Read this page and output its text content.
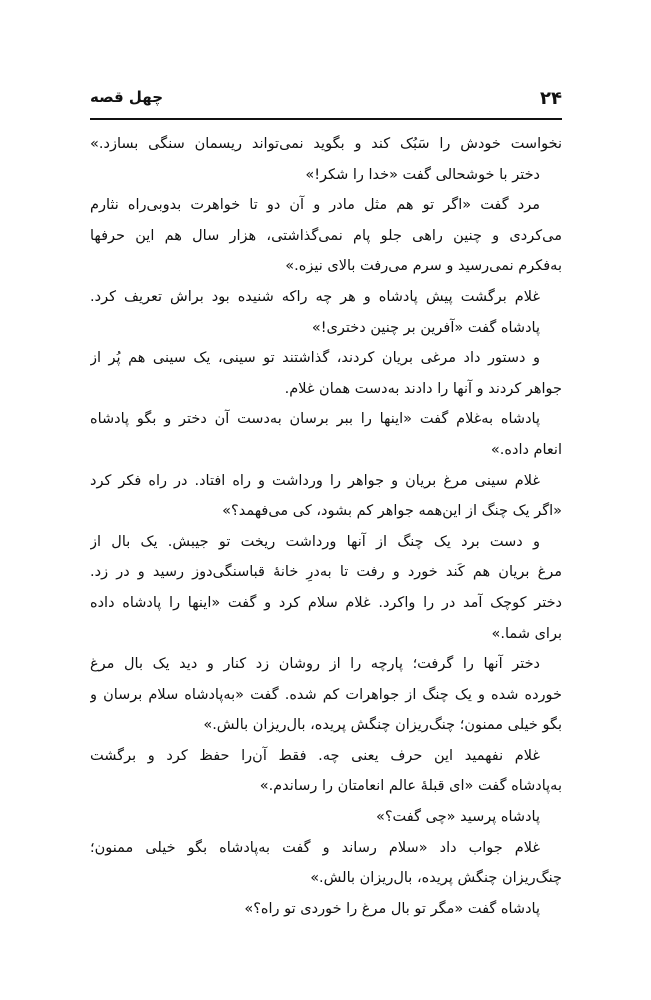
۲۴
چهل قصه
نخواست خودش را سَبُک کند و بگوید نمی‌تواند ریسمان سنگی بسازد.»
دختر با خوشحالی گفت «خدا را شکر!»
مرد گفت «اگر تو هم مثل مادر و آن دو تا خواهرت بدوبی‌راه نثارم
می‌کردی و چنین راهی جلو پام نمی‌گذاشتی، هزار سال هم این حرفها
به‌فکرم نمی‌رسید و سرم می‌رفت بالای نیزه.»
غلام برگشت پیش پادشاه و هر چه راکه شنیده بود براش تعریف کرد.
پادشاه گفت «آفرین بر چنین دختری!»
و دستور داد مرغی بریان کردند، گذاشتند تو سینی، یک سینی هم پُر از
جواهر کردند و آنها را دادند به‌دست همان غلام.
پادشاه به‌غلام گفت «اینها را ببر برسان به‌دست آن دختر و بگو پادشاه
انعام داده.»
غلام سینی مرغ بریان و جواهر را ورداشت و راه افتاد. در راه فکر کرد
«اگر یک چنگ از این‌همه جواهر کم بشود، کی می‌فهمد؟»
و دست برد یک چنگ از آنها ورداشت ریخت تو جیبش. یک بال از
مرغ بریان هم کَند خورد و رفت تا به‌درِ خانهٔ قباسنگی‌دوز رسید و در زد.
دختر کوچک آمد در را واکرد. غلام سلام کرد و گفت «اینها را پادشاه داده
برای شما.»
دختر آنها را گرفت؛ پارچه را از روشان زد کنار و دید یک بال مرغ
خورده شده و یک چنگ از جواهرات کم شده. گفت «به‌پادشاه سلام برسان و
بگو خیلی ممنون؛ چنگ‌ریزان چنگش پریده، بال‌ریزان بالش.»
غلام نفهمید این حرف یعنی چه. فقط آن‌را حفظ کرد و برگشت
به‌پادشاه گفت «ای قبلهٔ عالم انعامتان را رساندم.»
پادشاه پرسید «چی گفت؟»
غلام جواب داد «سلام رساند و گفت به‌پادشاه بگو خیلی ممنون؛
چنگ‌ریزان چنگش پریده، بال‌ریزان بالش.»
پادشاه گفت «مگر تو بال مرغ را خوردی تو راه؟»
